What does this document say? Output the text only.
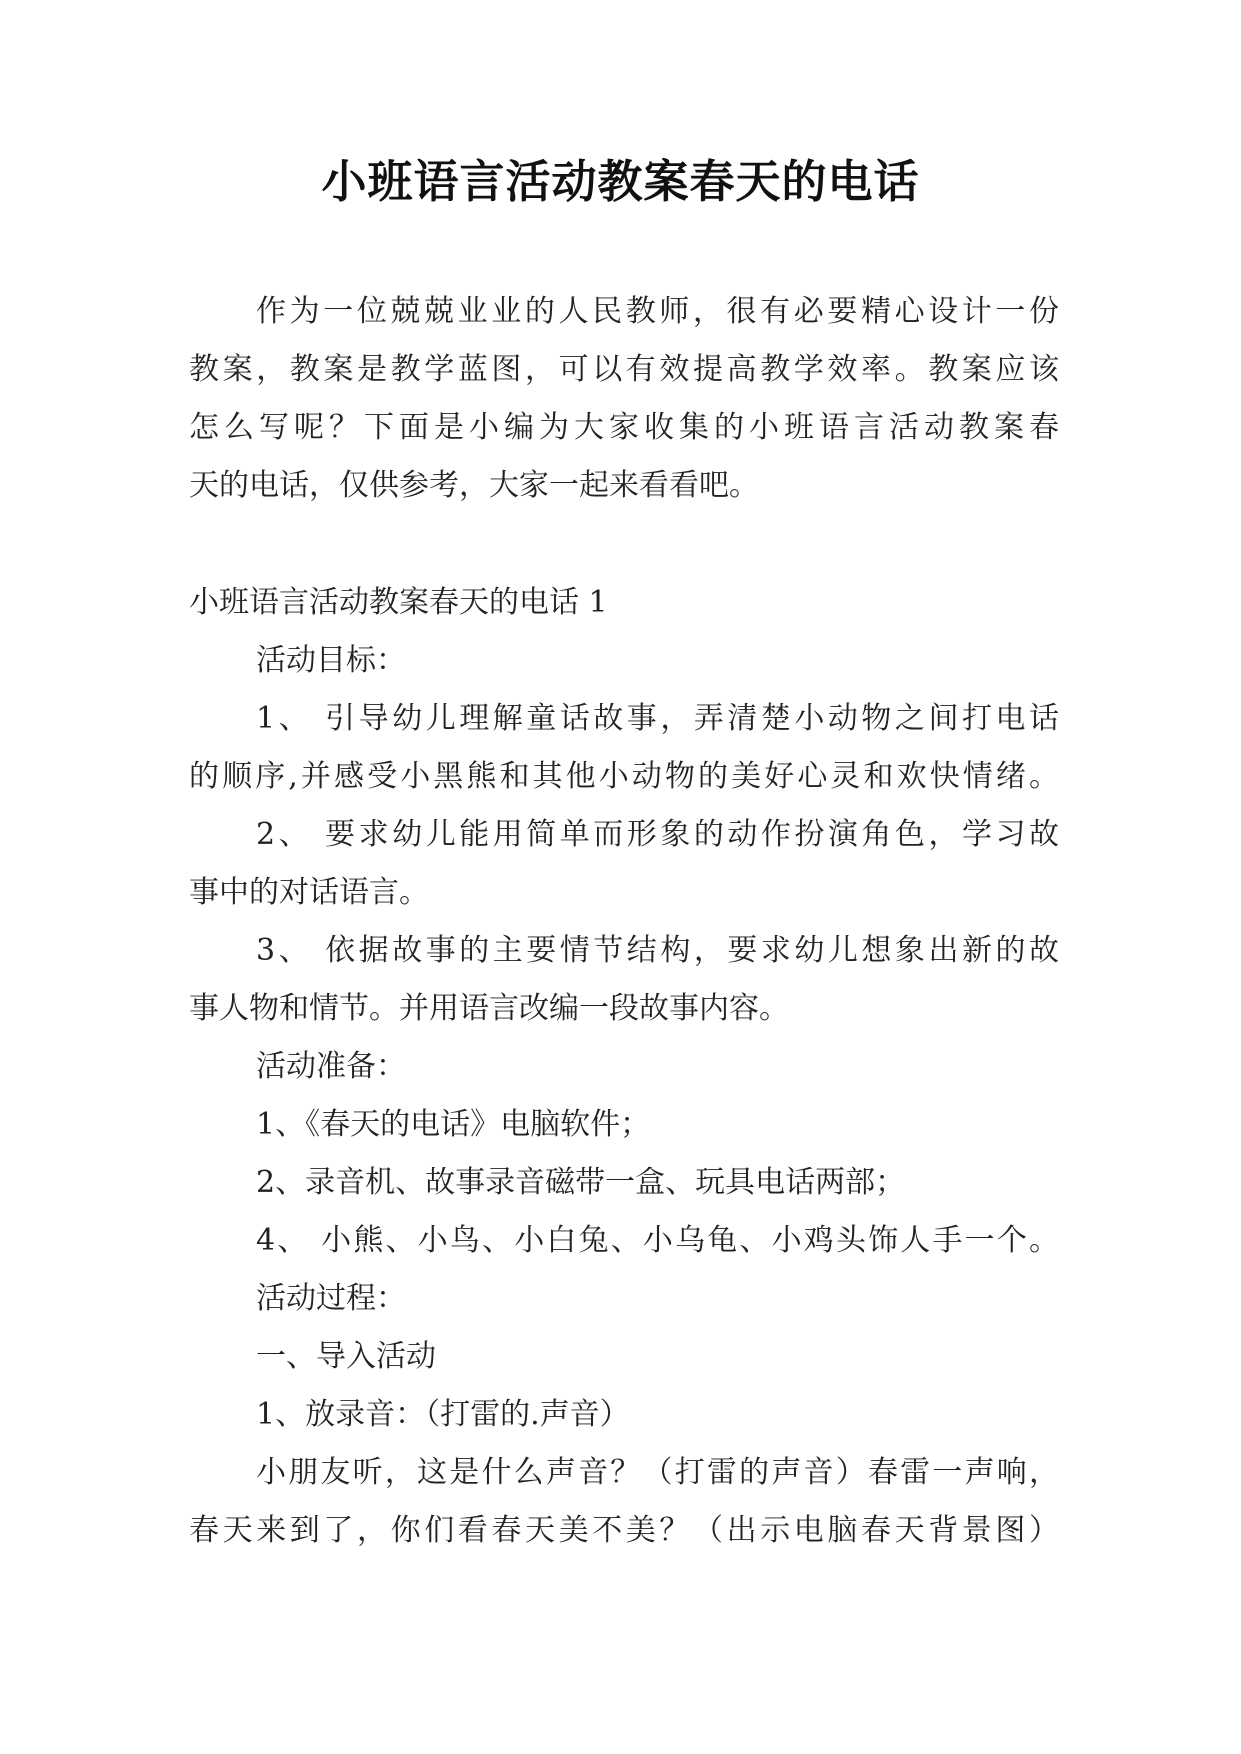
小班语言活动教案春天的电话
作为一位兢兢业业的人民教师，很有必要精心设计一份
教案，教案是教学蓝图，可以有效提高教学效率。教案应该
怎么写呢？下面是小编为大家收集的小班语言活动教案春
天的电话，仅供参考，大家一起来看看吧。
小班语言活动教案春天的电话 1
活动目标：
1、 引导幼儿理解童话故事，弄清楚小动物之间打电话
的顺序,并感受小黑熊和其他小动物的美好心灵和欢快情绪。
2、 要求幼儿能用简单而形象的动作扮演角色，学习故
事中的对话语言。
3、 依据故事的主要情节结构，要求幼儿想象出新的故
事人物和情节。并用语言改编一段故事内容。
活动准备：
1、《春天的电话》电脑软件；
2、录音机、故事录音磁带一盒、玩具电话两部；
4、 小熊、小鸟、小白兔、小乌龟、小鸡头饰人手一个。
活动过程：
一、导入活动
1、放录音：（打雷的.声音）
小朋友听，这是什么声音？（打雷的声音）春雷一声响，
春天来到了，你们看春天美不美？（出示电脑春天背景图）
